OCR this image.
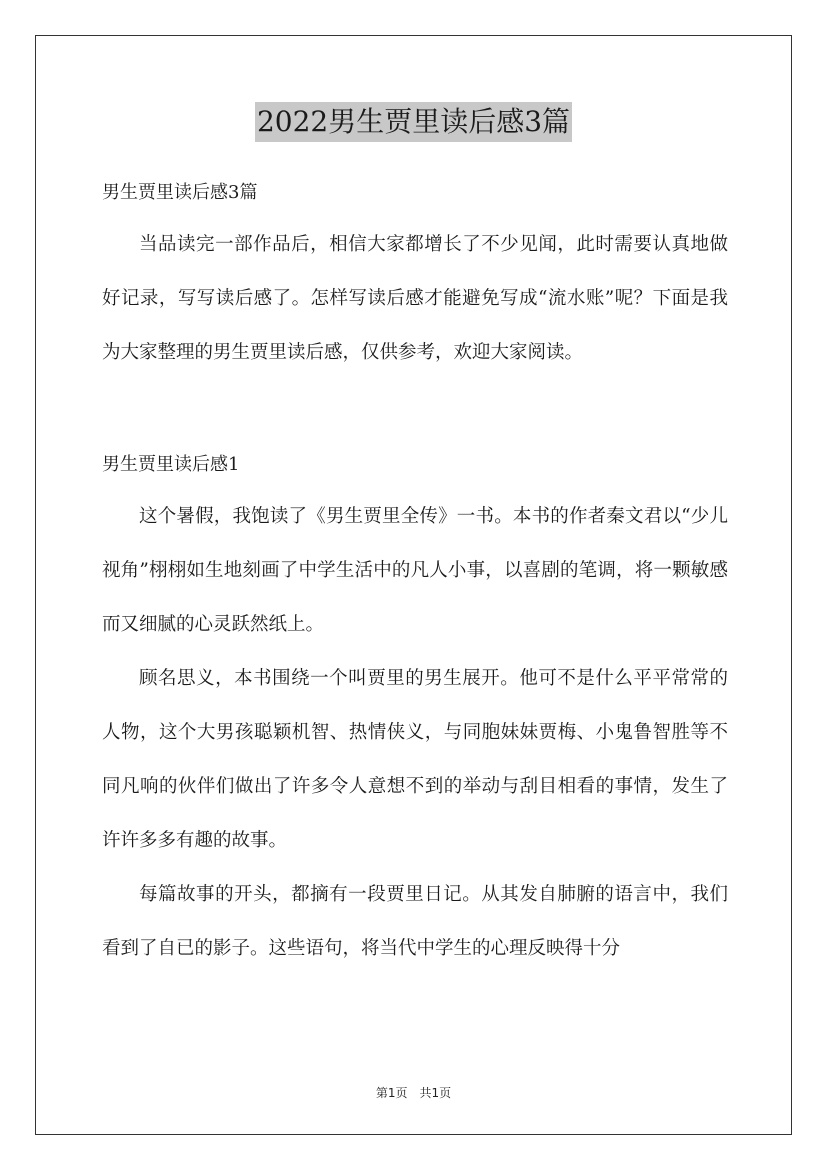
2022男生贾里读后感3篇
男生贾里读后感3篇

当品读完一部作品后，相信大家都增长了不少见闻，此时需要认真地做好记录，写写读后感了。怎样写读后感才能避免写成“流水账”呢？下面是我为大家整理的男生贾里读后感，仅供参考，欢迎大家阅读。

男生贾里读后感1

这个暑假，我饱读了《男生贾里全传》一书。本书的作者秦文君以“少儿视角”栩栩如生地刻画了中学生活中的凡人小事，以喜剧的笔调，将一颗敏感而又细腻的心灵跃然纸上。

顾名思义，本书围绕一个叫贾里的男生展开。他可不是什么平平常常的人物，这个大男孩聪颖机智、热情侠义，与同胞妹妹贾梅、小鬼鲁智胜等不同凡响的伙伴们做出了许多令人意想不到的举动与刮目相看的事情，发生了许许多多有趣的故事。

每篇故事的开头，都摘有一段贾里日记。从其发自肺腑的语言中，我们看到了自已的影子。这些语句，将当代中学生的心理反映得十分

第1页　共1页
